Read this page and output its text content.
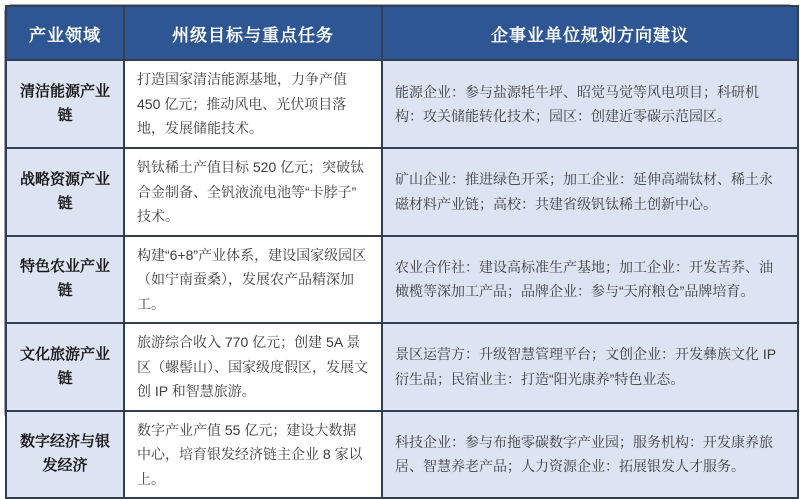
产业领域	州级目标与重点任务	企事业单位规划方向建议
清洁能源产业链	打造国家清洁能源基地，力争产值 450 亿元；推动风电、光伏项目落地，发展储能技术。	能源企业：参与盐源牦牛坪、昭觉马觉等风电项目；科研机构：攻关储能转化技术；园区：创建近零碳示范园区。
战略资源产业链	钒钛稀土产值目标 520 亿元；突破钛合金制备、全钒液流电池等“卡脖子”技术。	矿山企业：推进绿色开采；加工企业：延伸高端钛材、稀土永磁材料产业链；高校：共建省级钒钛稀土创新中心。
特色农业产业链	构建“6+8”产业体系，建设国家级园区（如宁南蚕桑），发展农产品精深加工。	农业合作社：建设高标准生产基地；加工企业：开发苦荞、油橄榄等深加工产品；品牌企业：参与“天府粮仓”品牌培育。
文化旅游产业链	旅游综合收入 770 亿元；创建 5A 景区（螺髻山）、国家级度假区，发展文创 IP 和智慧旅游。	景区运营方：升级智慧管理平台；文创企业：开发彝族文化 IP 衍生品；民宿业主：打造“阳光康养”特色业态。
数字经济与银发经济	数字产业产值 55 亿元；建设大数据中心，培育银发经济链主企业 8 家以上。	科技企业：参与布拖零碳数字产业园；服务机构：开发康养旅居、智慧养老产品；人力资源企业：拓展银发人才服务。
